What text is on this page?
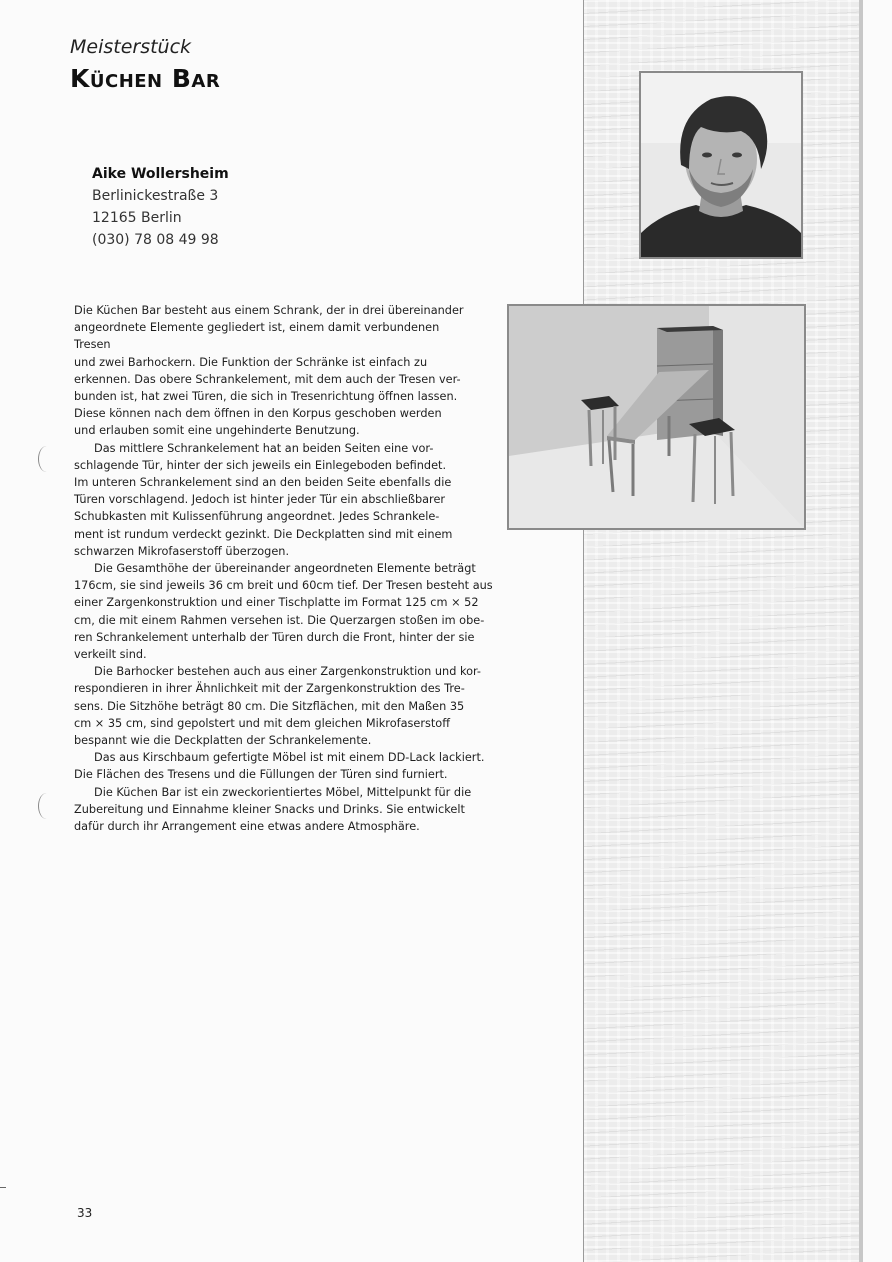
Meisterstück
Küchen Bar
Aike Wollersheim
Berlinickestraße 3
12165 Berlin
(030) 78 08 49 98

Die Küchen Bar besteht aus einem Schrank, der in drei übereinander
angeordnete Elemente gegliedert ist, einem damit verbundenen
Tresen
und zwei Barhockern. Die Funktion der Schränke ist einfach zu
erkennen. Das obere Schrankelement, mit dem auch der Tresen ver-
bunden ist, hat zwei Türen, die sich in Tresenrichtung öffnen lassen.
Diese können nach dem öffnen in den Korpus geschoben werden
und erlauben somit eine ungehinderte Benutzung.

Das mittlere Schrankelement hat an beiden Seiten eine vor-
schlagende Tür, hinter der sich jeweils ein Einlegeboden befindet.
Im unteren Schrankelement sind an den beiden Seite ebenfalls die
Türen vorschlagend. Jedoch ist hinter jeder Tür ein abschließbarer
Schubkasten mit Kulissenführung angeordnet. Jedes Schrankele-
ment ist rundum verdeckt gezinkt. Die Deckplatten sind mit einem
schwarzen Mikrofaserstoff überzogen.

Die Gesamthöhe der übereinander angeordneten Elemente beträgt
176cm, sie sind jeweils 36 cm breit und 60cm tief. Der Tresen besteht aus
einer Zargenkonstruktion und einer Tischplatte im Format 125 cm × 52
cm, die mit einem Rahmen versehen ist. Die Querzargen stoßen im obe-
ren Schrankelement unterhalb der Türen durch die Front, hinter der sie
verkeilt sind.

Die Barhocker bestehen auch aus einer Zargenkonstruktion und kor-
respondieren in ihrer Ähnlichkeit mit der Zargenkonstruktion des Tre-
sens. Die Sitzhöhe beträgt 80 cm. Die Sitzflächen, mit den Maßen 35
cm × 35 cm, sind gepolstert und mit dem gleichen Mikrofaserstoff
bespannt wie die Deckplatten der Schrankelemente.

Das aus Kirschbaum gefertigte Möbel ist mit einem DD-Lack lackiert.
Die Flächen des Tresens und die Füllungen der Türen sind furniert.

Die Küchen Bar ist ein zweckorientiertes Möbel, Mittelpunkt für die
Zubereitung und Einnahme kleiner Snacks und Drinks. Sie entwickelt
dafür durch ihr Arrangement eine etwas andere Atmosphäre.

33
